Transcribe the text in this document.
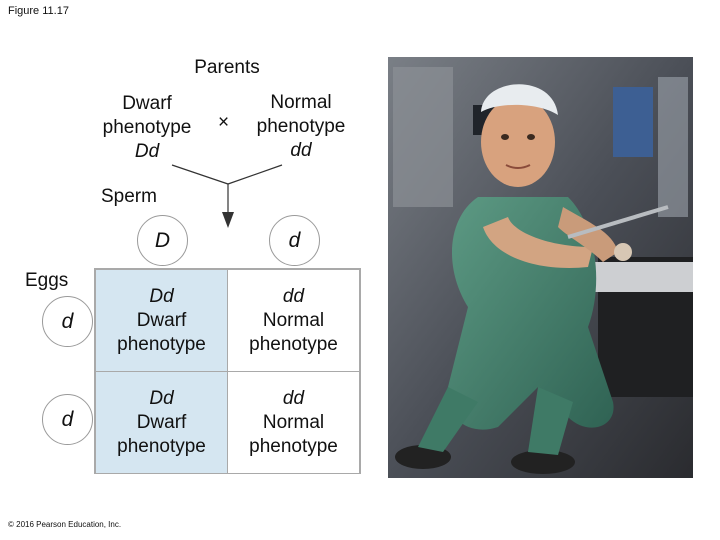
Figure 11.17
Parents
Dwarf
phenotype
Dd
×
Normal
phenotype
dd
Sperm
Eggs
D	d
d
d
Dd
Dwarf
phenotype
dd
Normal
phenotype
Dd
Dwarf
phenotype
dd
Normal
phenotype
© 2016 Pearson Education, Inc.
